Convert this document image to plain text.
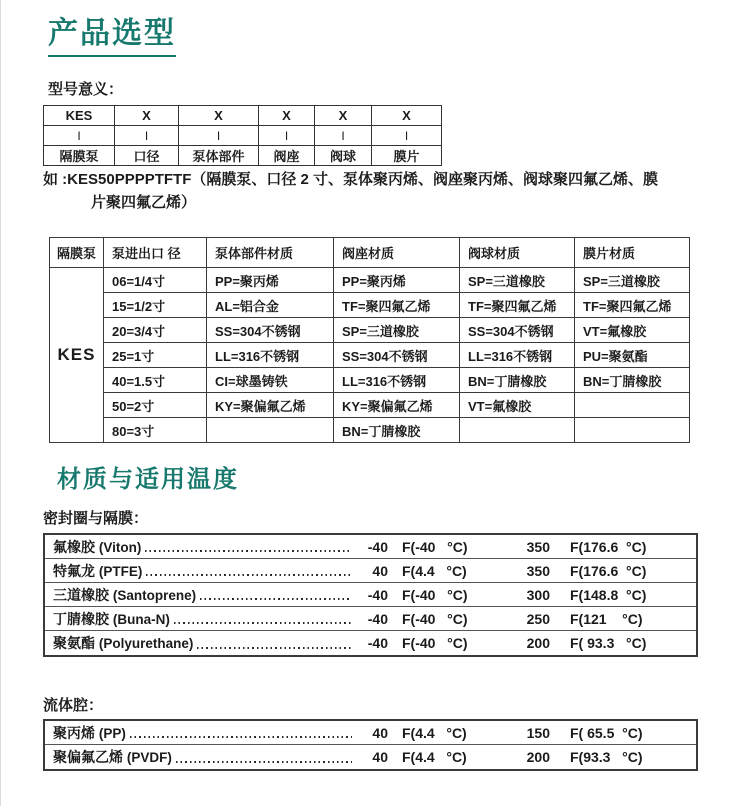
产品选型
型号意义：
KES	X	X	X	X	X
I	I	I	I	I	I
隔膜泵	口径	泵体部件	阀座	阀球	膜片
如 :KES50PPPPTFTF（隔膜泵、口径 2 寸、泵体聚丙烯、阀座聚丙烯、阀球聚四氟乙烯、膜
片聚四氟乙烯）
隔膜泵	泵进出口 径	泵体部件材质	阀座材质	阀球材质	膜片材质
KES	06=1/4寸	PP=聚丙烯	PP=聚丙烯	SP=三道橡胶	SP=三道橡胶
	15=1/2寸	AL=铝合金	TF=聚四氟乙烯	TF=聚四氟乙烯	TF=聚四氟乙烯
	20=3/4寸	SS=304不锈钢	SP=三道橡胶	SS=304不锈钢	VT=氟橡胶
	25=1寸	LL=316不锈钢	SS=304不锈钢	LL=316不锈钢	PU=聚氨酯
	40=1.5寸	CI=球墨铸铁	LL=316不锈钢	BN=丁腈橡胶	BN=丁腈橡胶
	50=2寸	KY=聚偏氟乙烯	KY=聚偏氟乙烯	VT=氟橡胶	
	80=3寸		BN=丁腈橡胶		
材质与适用温度
密封圈与隔膜：
氟橡胶 (Viton)	-40	F(-40   °C)	350	F(176.6  °C)
特氟龙 (PTFE)	40	F(4.4   °C)	350	F(176.6  °C)
三道橡胶 (Santoprene)	-40	F(-40   °C)	300	F(148.8  °C)
丁腈橡胶 (Buna-N)	-40	F(-40   °C)	250	F(121    °C)
聚氨酯 (Polyurethane)	-40	F(-40   °C)	200	F( 93.3   °C)
流体腔：
聚丙烯 (PP)	40	F(4.4   °C)	150	F( 65.5  °C)
聚偏氟乙烯 (PVDF)	40	F(4.4   °C)	200	F(93.3   °C)
